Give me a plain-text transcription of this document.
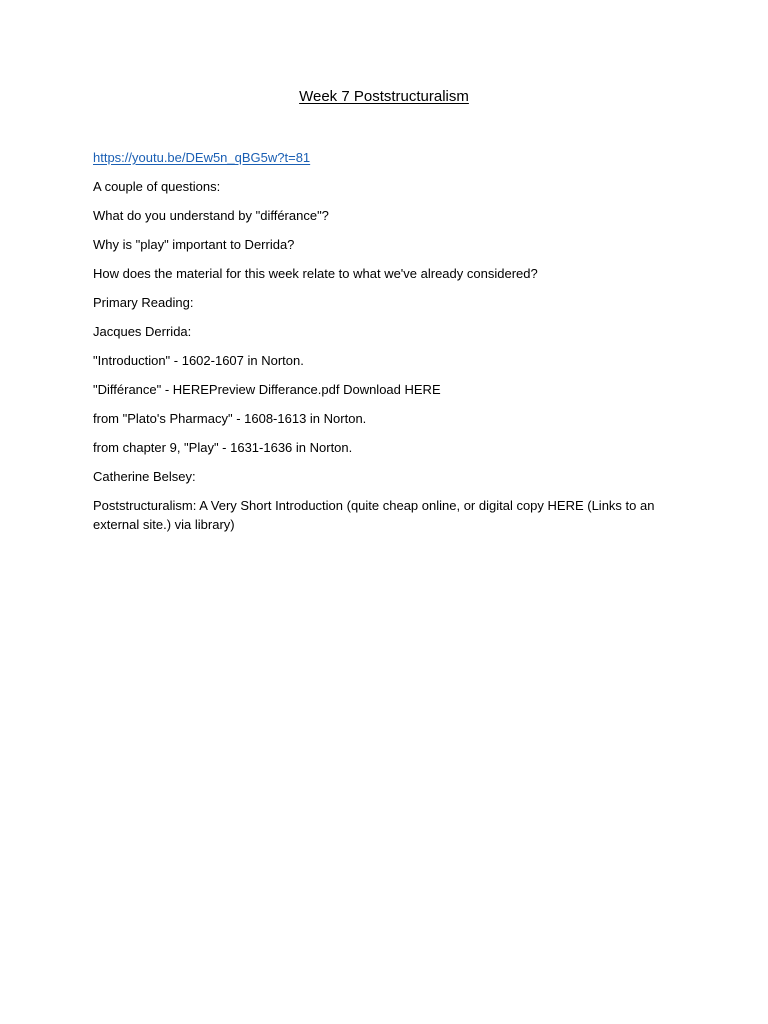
Week 7 Poststructuralism

https://youtu.be/DEw5n_qBG5w?t=81

A couple of questions:

What do you understand by "différance"?

Why is "play" important to Derrida?

How does the material for this week relate to what we've already considered?

Primary Reading:

Jacques Derrida:

"Introduction" - 1602-1607 in Norton.

"Différance" - HEREPreview Differance.pdf Download HERE

from "Plato's Pharmacy" - 1608-1613 in Norton.

from chapter 9, "Play" - 1631-1636 in Norton.

Catherine Belsey:

Poststructuralism: A Very Short Introduction (quite cheap online, or digital copy HERE (Links to an external site.) via library)
